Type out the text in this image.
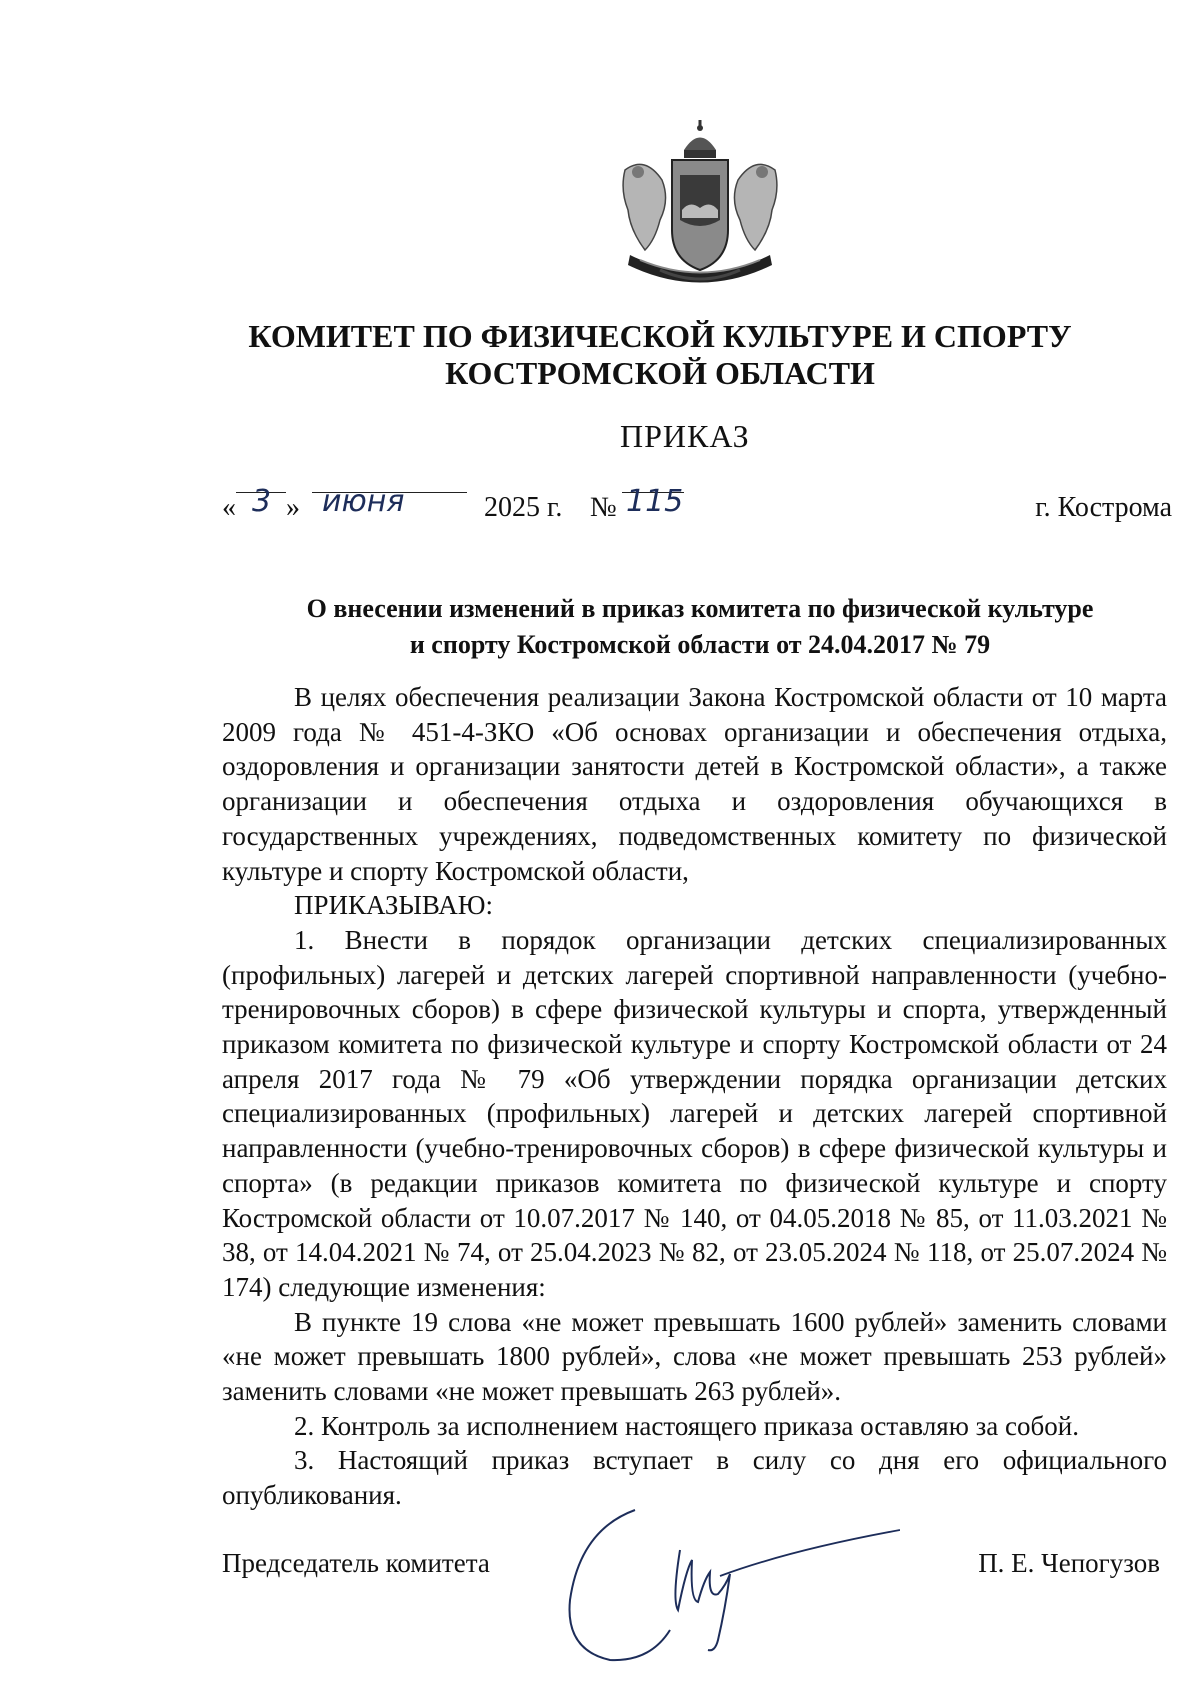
КОМИТЕТ ПО ФИЗИЧЕСКОЙ КУЛЬТУРЕ И СПОРТУ
КОСТРОМСКОЙ ОБЛАСТИ
ПРИКАЗ
« 3 » июня	2025 г. № 115	г. Кострома
О внесении изменений в приказ комитета по физической культуре
и спорту Костромской области от 24.04.2017 № 79

В целях обеспечения реализации Закона Костромской области от 10 марта 2009 года № 451-4-ЗКО «Об основах организации и обеспечения отдыха, оздоровления и организации занятости детей в Костромской области», а также организации и обеспечения отдыха и оздоровления обучающихся в государственных учреждениях, подведомственных комитету по физической культуре и спорту Костромской области,

ПРИКАЗЫВАЮ:

1. Внести в порядок организации детских специализированных (профильных) лагерей и детских лагерей спортивной направленности (учебно-тренировочных сборов) в сфере физической культуры и спорта, утвержденный приказом комитета по физической культуре и спорту Костромской области от 24 апреля 2017 года № 79 «Об утверждении порядка организации детских специализированных (профильных) лагерей и детских лагерей спортивной направленности (учебно-тренировочных сборов) в сфере физической культуры и спорта» (в редакции приказов комитета по физической культуре и спорту Костромской области от 10.07.2017 № 140, от 04.05.2018 № 85, от 11.03.2021 № 38, от 14.04.2021 № 74, от 25.04.2023 № 82, от 23.05.2024 № 118, от 25.07.2024 № 174) следующие изменения:

В пункте 19 слова «не может превышать 1600 рублей» заменить словами «не может превышать 1800 рублей», слова «не может превышать 253 рублей» заменить словами «не может превышать 263 рублей».

2. Контроль за исполнением настоящего приказа оставляю за собой.

3. Настоящий приказ вступает в силу со дня его официального опубликования.

Председатель комитета	П. Е. Чепогузов
